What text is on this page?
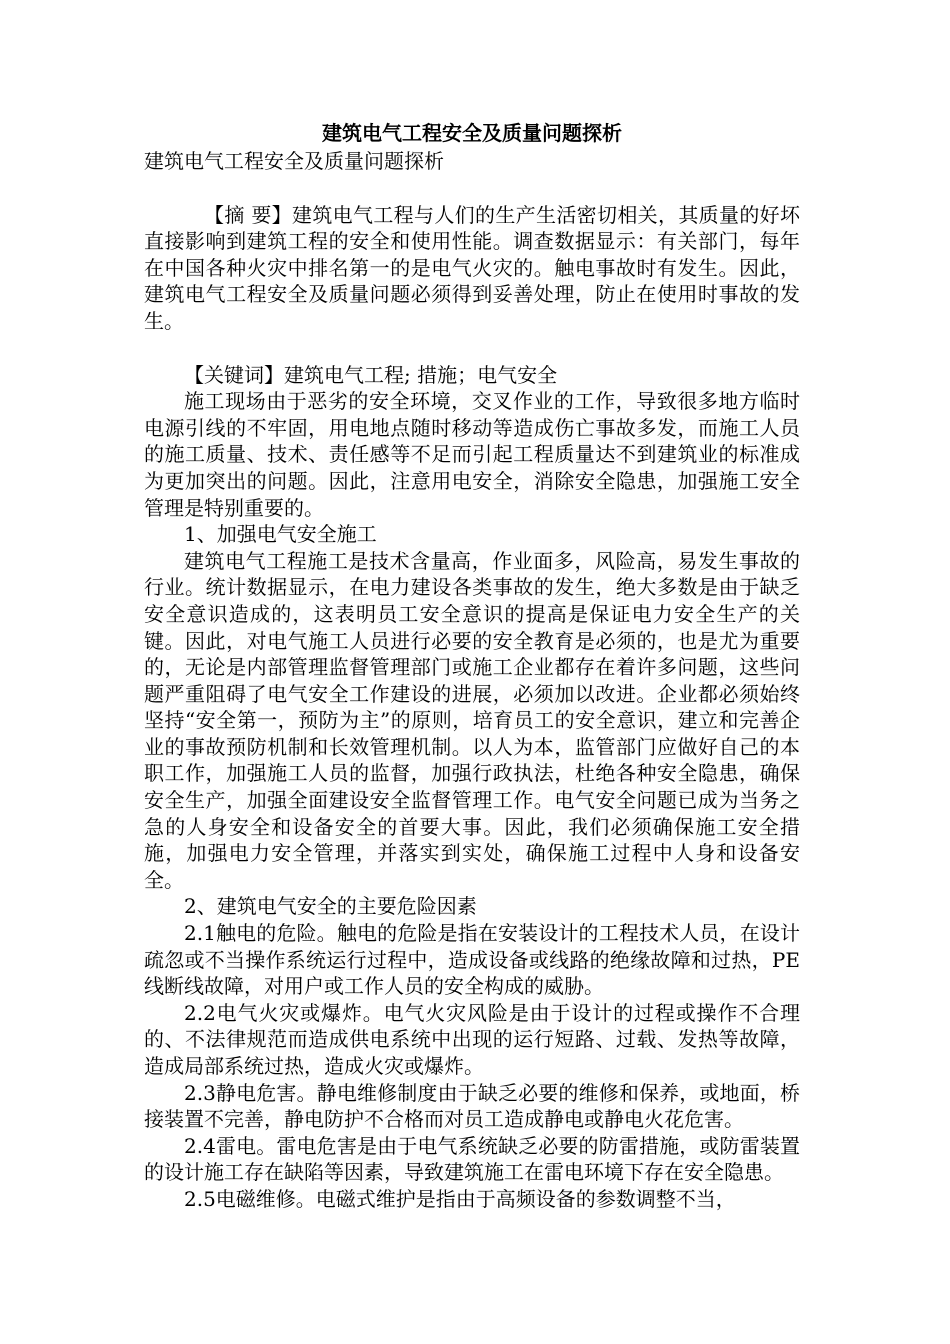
建筑电气工程安全及质量问题探析

建筑电气工程安全及质量问题探析

【摘 要】建筑电气工程与人们的生产生活密切相关，其质量的好坏直接影响到建筑工程的安全和使用性能。调查数据显示：有关部门，每年在中国各种火灾中排名第一的是电气火灾的。触电事故时有发生。因此，建筑电气工程安全及质量问题必须得到妥善处理，防止在使用时事故的发生。

【关键词】建筑电气工程; 措施；电气安全

施工现场由于恶劣的安全环境，交叉作业的工作，导致很多地方临时电源引线的不牢固，用电地点随时移动等造成伤亡事故多发，而施工人员的施工质量、技术、责任感等不足而引起工程质量达不到建筑业的标准成为更加突出的问题。因此，注意用电安全，消除安全隐患，加强施工安全管理是特别重要的。

1、加强电气安全施工

建筑电气工程施工是技术含量高，作业面多，风险高，易发生事故的行业。统计数据显示，在电力建设各类事故的发生，绝大多数是由于缺乏安全意识造成的，这表明员工安全意识的提高是保证电力安全生产的关键。因此，对电气施工人员进行必要的安全教育是必须的，也是尤为重要的，无论是内部管理监督管理部门或施工企业都存在着许多问题，这些问题严重阻碍了电气安全工作建设的进展，必须加以改进。企业都必须始终坚持“安全第一，预防为主”的原则，培育员工的安全意识，建立和完善企业的事故预防机制和长效管理机制。以人为本，监管部门应做好自己的本职工作，加强施工人员的监督，加强行政执法，杜绝各种安全隐患，确保安全生产，加强全面建设安全监督管理工作。电气安全问题已成为当务之急的人身安全和设备安全的首要大事。因此，我们必须确保施工安全措施，加强电力安全管理，并落实到实处，确保施工过程中人身和设备安全。

2、建筑电气安全的主要危险因素

2.1触电的危险。触电的危险是指在安装设计的工程技术人员，在设计疏忽或不当操作系统运行过程中，造成设备或线路的绝缘故障和过热，PE线断线故障，对用户或工作人员的安全构成的威胁。

2.2电气火灾或爆炸。电气火灾风险是由于设计的过程或操作不合理的、不法律规范而造成供电系统中出现的运行短路、过载、发热等故障，造成局部系统过热，造成火灾或爆炸。

2.3静电危害。静电维修制度由于缺乏必要的维修和保养，或地面，桥接装置不完善，静电防护不合格而对员工造成静电或静电火花危害。

2.4雷电。雷电危害是由于电气系统缺乏必要的防雷措施，或防雷装置的设计施工存在缺陷等因素，导致建筑施工在雷电环境下存在安全隐患。

2.5电磁维修。电磁式维护是指由于高频设备的参数调整不当，
